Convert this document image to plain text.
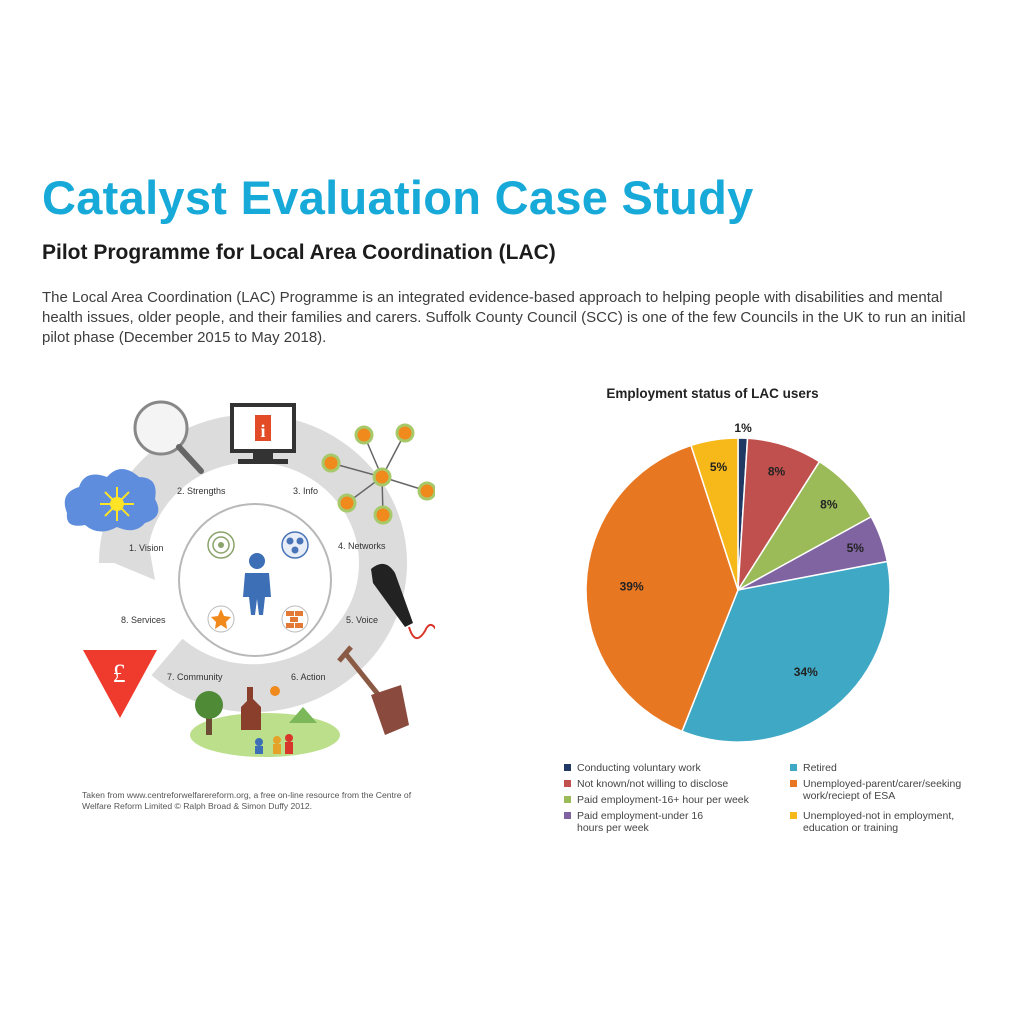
Catalyst Evaluation Case Study
Pilot Programme for Local Area Coordination (LAC)

The Local Area Coordination (LAC) Programme is an integrated evidence-based approach to helping people with disabilities and mental health issues, older people, and their families and carers. Suffolk County Council (SCC) is one of the few Councils in the UK to run an initial pilot phase (December 2015 to May 2018).

1. Vision
2. Strengths	3. Info
4. Networks
5. Voice
6. Action
7. Community
8. Services
i
£
Taken from www.centreforwelfarereform.org, a free on-line resource from the Centre of Welfare Reform Limited © Ralph Broad & Simon Duffy 2012.
Employment status of LAC users
1%
8%
8%
5%
34%
39%
5%
Conducting voluntary work
Not known/not willing to disclose
Paid employment-16+ hour per week
Paid employment-under 16 hours per week
Retired
Unemployed-parent/carer/seeking work/reciept of ESA
Unemployed-not in employment, education or training
